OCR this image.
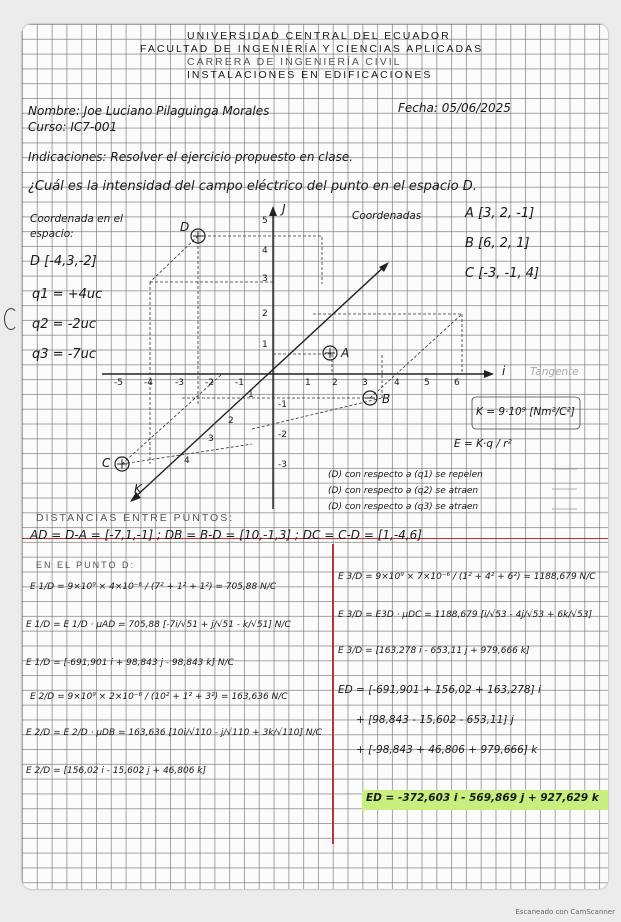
UNIVERSIDAD CENTRAL DEL ECUADOR
FACULTAD DE INGENIERÍA Y CIENCIAS APLICADAS
CARRERA DE INGENIERÍA CIVIL
INSTALACIONES EN EDIFICACIONES
Nombre: Joe Luciano Pilaguinga Morales
Curso: IC7-001
Fecha: 05/06/2025
Indicaciones: Resolver el ejercicio propuesto en clase.
¿Cuál es la intensidad del campo eléctrico del punto en el espacio D.
Coordenada en el
espacio:
D [-4,3,-2]
q1 = +4uc
q2 = -2uc
q3 = -7uc
Coordenadas	A [3, 2, -1]
B [6, 2, 1]
C [-3, -1, 4]
J
i
K
A
B
C
D	5
4
3
2
1
-1
-2
-3
-5 -4 -3 -2 -1	1 2	3	4	5	6
1
2
3
4
Tangente
K = 9·10⁹ [Nm²/C²]
E = K·q / r²
(D) con respecto a (q1) se repelen
(D) con respecto a (q2) se atraen
(D) con respecto a (q3) se atraen
DISTANCIAS ENTRE PUNTOS:
AD = D-A = [-7,1,-1] ; DB = B-D = [10,-1,3] ; DC = C-D = [1,-4,6]
EN EL PUNTO D:
E 1/D = 9×10⁹ × 4×10⁻⁶ / (7² + 1² + 1²) = 705,88 N/C
E 1/D = E 1/D · μAD = 705,88 [-7i/√51 + j/√51 - k/√51] N/C
E 1/D = [-691,901 i + 98,843 j - 98,843 k] N/C
E 2/D = 9×10⁹ × 2×10⁻⁶ / (10² + 1² + 3²) = 163,636 N/C
E 2/D = E 2/D · μDB = 163,636 [10i/√110 - j/√110 + 3k/√110] N/C
E 2/D = [156,02 i - 15,602 j + 46,806 k]
E 3/D = 9×10⁹ × 7×10⁻⁶ / (1² + 4² + 6²) = 1188,679 N/C
E 3/D = E3D · μDC = 1188,679 [i/√53 - 4j/√53 + 6k/√53]
E 3/D = [163,278 i - 653,11 j + 979,666 k]
ED = [-691,901 + 156,02 + 163,278] i
+ [98,843 - 15,602 - 653,11] j
+ [-98,843 + 46,806 + 979,666] k
ED = -372,603 i - 569,869 j + 927,629 k
Escaneado con CamScanner
